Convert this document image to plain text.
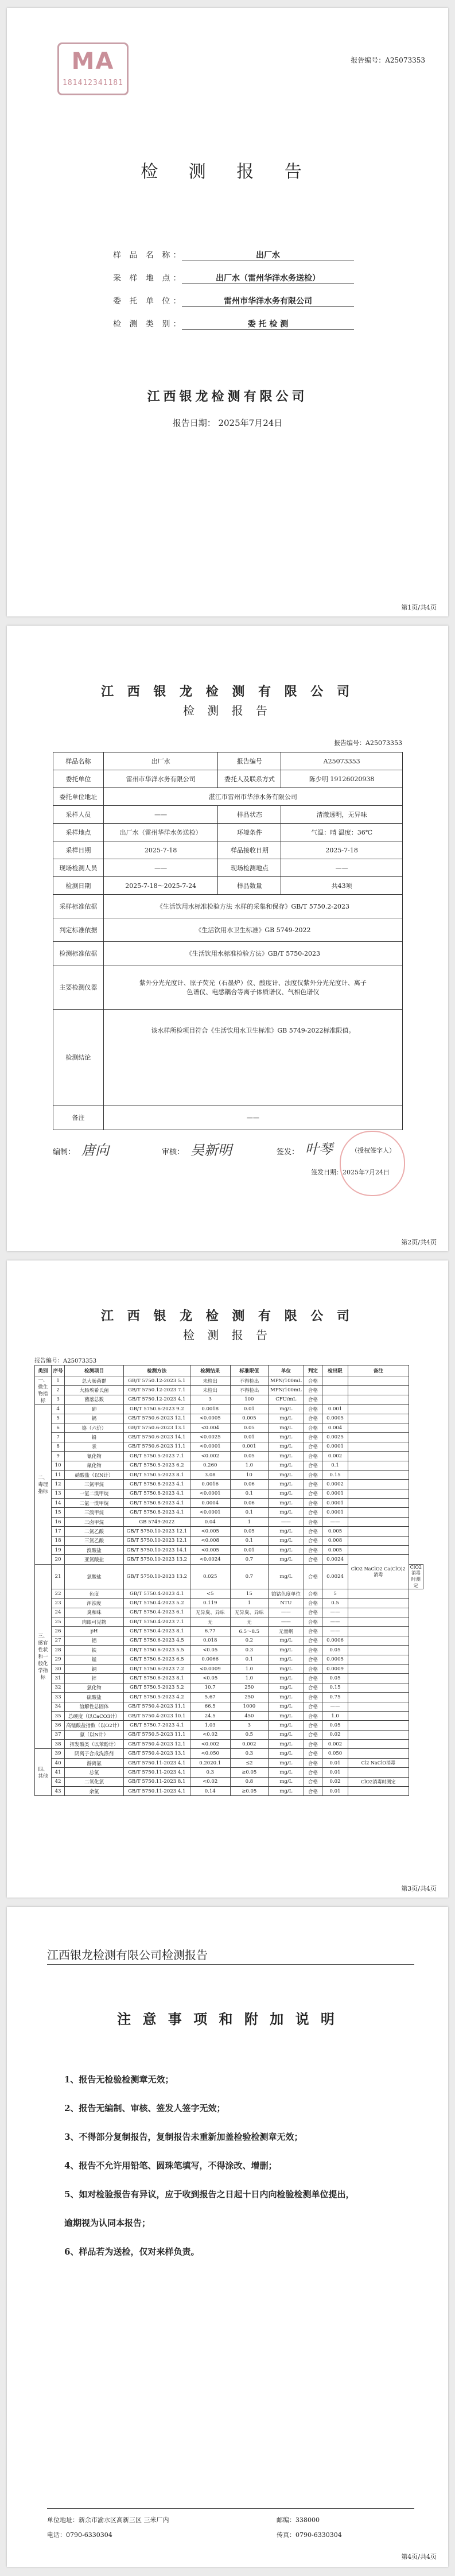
MA
181412341181
报告编号：A25073353
检 测 报 告
样 品 名 称：	出厂水
采 样 地 点：	出厂水（雷州华洋水务送检）
委 托 单 位：	雷州市华洋水务有限公司
检 测 类 别：	委 托 检 测
江西银龙检测有限公司
报告日期： 2025年7月24日
第1页/共4页
江 西 银 龙 检 测 有 限 公 司
检 测 报 告
报告编号：A25073353
样品名称	出厂水	报告编号	A25073353
委托单位	雷州市华洋水务有限公司	委托人及联系方式	陈少明 19126020938
委托单位地址	湛江市雷州市华洋水务有限公司		
采样人员	——	样品状态	清澈透明，无异味
采样地点	出厂水（雷州华洋水务送检）	环境条件	气温：晴 温度：36℃
采样日期	2025-7-18	样品接收日期	2025-7-18
现场检测人员	——	现场检测地点	——
检测日期	2025-7-18～2025-7-24	样品数量	共43项
采样标准依据	《生活饮用水标准检验方法 水样的采集和保存》GB/T 5750.2-2023		
判定标准依据	《生活饮用水卫生标准》GB 5749-2022		
检测标准依据	《生活饮用水标准检验方法》GB/T 5750-2023		
主要检测仪器	紫外分光光度计、原子荧光（石墨炉）仪、酸度计、浊度仪紫外分光光度计、离子色谱仪、电感耦合等离子体质谱仪、气相色谱仪		
检测结论	该水样所检项目符合《生活饮用水卫生标准》GB 5749-2022标准限值。		
备注	——		
编制： 唐向	审核： 吴新明	签发： 叶琴	（授权签字人）
签发日期：2025年7月24日
第2页/共4页
江 西 银 龙 检 测 有 限 公 司
检 测 报 告
报告编号：A25073353
类别	序号	检测项目	检测方法	检测结果	标准限值	单位	判定	检出限	备注	
一、微生物指标	1	总大肠菌群	GB/T 5750.12-2023 5.1	未检出	不得检出	MPN/100mL	合格			
	2	大肠埃希氏菌	GB/T 5750.12-2023 7.1	未检出	不得检出	MPN/100mL	合格			
	3	菌落总数	GB/T 5750.12-2023 4.1	3	100	CFU/mL	合格			
二、毒理指标	4	砷	GB/T 5750.6-2023 9.2	0.0018	0.01	mg/L	合格	0.001		
	5	镉	GB/T 5750.6-2023 12.1	<0.0005	0.005	mg/L	合格	0.0005		
	6	铬（六价）	GB/T 5750.6-2023 13.1	<0.004	0.05	mg/L	合格	0.004		
	7	铅	GB/T 5750.6-2023 14.1	<0.0025	0.01	mg/L	合格	0.0025		
	8	汞	GB/T 5750.6-2023 11.1	<0.0001	0.001	mg/L	合格	0.0001		
	9	氰化物	GB/T 5750.5-2023 7.1	<0.002	0.05	mg/L	合格	0.002		
	10	氟化物	GB/T 5750.5-2023 6.2	0.260	1.0	mg/L	合格	0.1		
	11	硝酸盐（以N计）	GB/T 5750.5-2023 8.1	3.08	10	mg/L	合格	0.15		
	12	三氯甲烷	GB/T 5750.8-2023 4.1	0.0016	0.06	mg/L	合格	0.0002		
	13	一氯二溴甲烷	GB/T 5750.8-2023 4.1	<0.0001	0.1	mg/L	合格	0.0001		
	14	二氯一溴甲烷	GB/T 5750.8-2023 4.1	0.0004	0.06	mg/L	合格	0.0001		
	15	三溴甲烷	GB/T 5750.8-2023 4.1	<0.0001	0.1	mg/L	合格	0.0001		
	16	三卤甲烷	GB 5749-2022	0.04	1	——	合格	——		
	17	二氯乙酸	GB/T 5750.10-2023 12.1	<0.005	0.05	mg/L	合格	0.005		
	18	三氯乙酸	GB/T 5750.10-2023 12.1	<0.008	0.1	mg/L	合格	0.008		
	19	溴酸盐	GB/T 5750.10-2023 14.1	<0.005	0.01	mg/L	合格	0.005		
	20	亚氯酸盐	GB/T 5750.10-2023 13.2	<0.0024	0.7	mg/L	合格	0.0024	ClO2 NaClO2 Ca(ClO)2 消毒	
三、感官性状和一般化学指标	21	氯酸盐	GB/T 5750.10-2023 13.2	0.025	0.7	mg/L	合格	0.0024		ClO2消毒时测定
	22	色度	GB/T 5750.4-2023 4.1	<5	15	铂钴色度单位	合格	5		
	23	浑浊度	GB/T 5750.4-2023 5.2	0.119	1	NTU	合格	0.5		
	24	臭和味	GB/T 5750.4-2023 6.1	无异臭、异味	无异臭、异味	——	合格	——		
	25	肉眼可见物	GB/T 5750.4-2023 7.1	无	无	——	合格	——		
	26	pH	GB/T 5750.4-2023 8.1	6.77	6.5～8.5	无量纲	合格	——		
	27	铝	GB/T 5750.6-2023 4.5	0.018	0.2	mg/L	合格	0.0006		
	28	铁	GB/T 5750.6-2023 5.5	<0.05	0.3	mg/L	合格	0.05		
	29	锰	GB/T 5750.6-2023 6.5	0.0066	0.1	mg/L	合格	0.0005		
	30	铜	GB/T 5750.6-2023 7.2	<0.0009	1.0	mg/L	合格	0.0009		
	31	锌	GB/T 5750.6-2023 8.1	<0.05	1.0	mg/L	合格	0.05		
	32	氯化物	GB/T 5750.5-2023 5.2	10.7	250	mg/L	合格	0.15		
	33	硫酸盐	GB/T 5750.5-2023 4.2	5.67	250	mg/L	合格	0.75		
	34	溶解性总固体	GB/T 5750.4-2023 11.1	66.5	1000	mg/L	合格	——		
	35	总硬度（以CaCO3计）	GB/T 5750.4-2023 10.1	24.5	450	mg/L	合格	1.0		
	36	高锰酸盐指数（以O2计）	GB/T 5750.7-2023 4.1	1.03	3	mg/L	合格	0.05		
	37	氨（以N计）	GB/T 5750.5-2023 11.1	<0.02	0.5	mg/L	合格	0.02		
	38	挥发酚类（以苯酚计）	GB/T 5750.4-2023 12.1	<0.002	0.002	mg/L	合格	0.002		
四、其他	39	阴离子合成洗涤剂	GB/T 5750.4-2023 13.1	<0.050	0.3	mg/L	合格	0.050		
	40	游离氯	GB/T 5750.11-2023 4.1	0.2020.1	≤2	mg/L	合格	0.01	Cl2 NaClO消毒	
	41	总氯	GB/T 5750.11-2023 4.1	0.3	≥0.05	mg/L	合格	0.01		
	42	二氧化氯	GB/T 5750.11-2023 8.1	<0.02	0.8	mg/L	合格	0.02	ClO2消毒时测定	
	43	余氯	GB/T 5750.11-2023 4.1	0.14	≥0.05	mg/L	合格	0.01		
第3页/共4页
江西银龙检测有限公司检测报告
注 意 事 项 和 附 加 说 明
1、报告无检验检测章无效；
2、报告无编制、审核、签发人签字无效；
3、不得部分复制报告，复制报告未重新加盖检验检测章无效；
4、报告不允许用铅笔、圆珠笔填写，不得涂改、增删；
5、如对检验报告有异议，应于收到报告之日起十日内向检验检测单位提出，
逾期视为认同本报告；
6、样品若为送检，仅对来样负责。
单位地址：新余市渝水区高新三区 三米厂内	邮编：338000
电话：0790-6330304	传真：0790-6330304
第4页/共4页
